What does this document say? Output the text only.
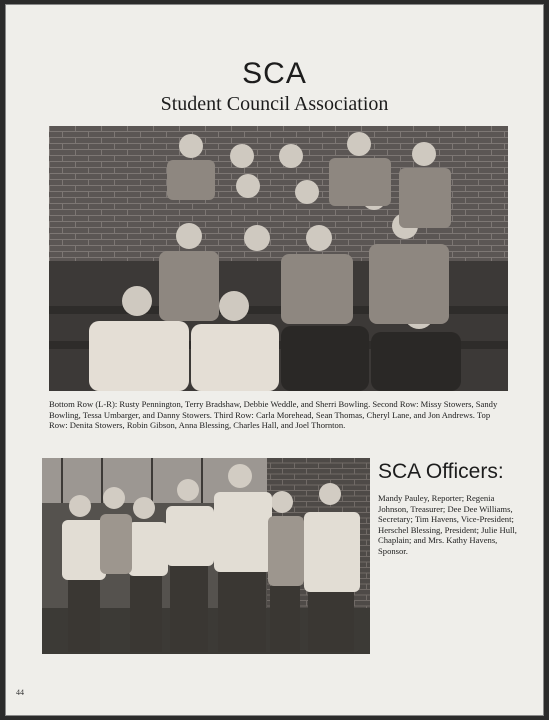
SCA
Student Council Association
Bottom Row (L-R): Rusty Pennington, Terry Bradshaw, Debbie Weddle, and Sherri Bowling. Second Row: Missy Stowers, Sandy Bowling, Tessa Umbarger, and Danny Stowers. Third Row: Carla Morehead, Sean Thomas, Cheryl Lane, and Jon Andrews. Top Row: Denita Stowers, Robin Gibson, Anna Blessing, Charles Hall, and Joel Thornton.
SCA Officers:
Mandy Pauley, Reporter; Regenia Johnson, Treasurer; Dee Dee Williams, Secretary; Tim Havens, Vice-President; Herschel Blessing, President; Julie Hull, Chaplain; and Mrs. Kathy Havens, Sponsor.
44
